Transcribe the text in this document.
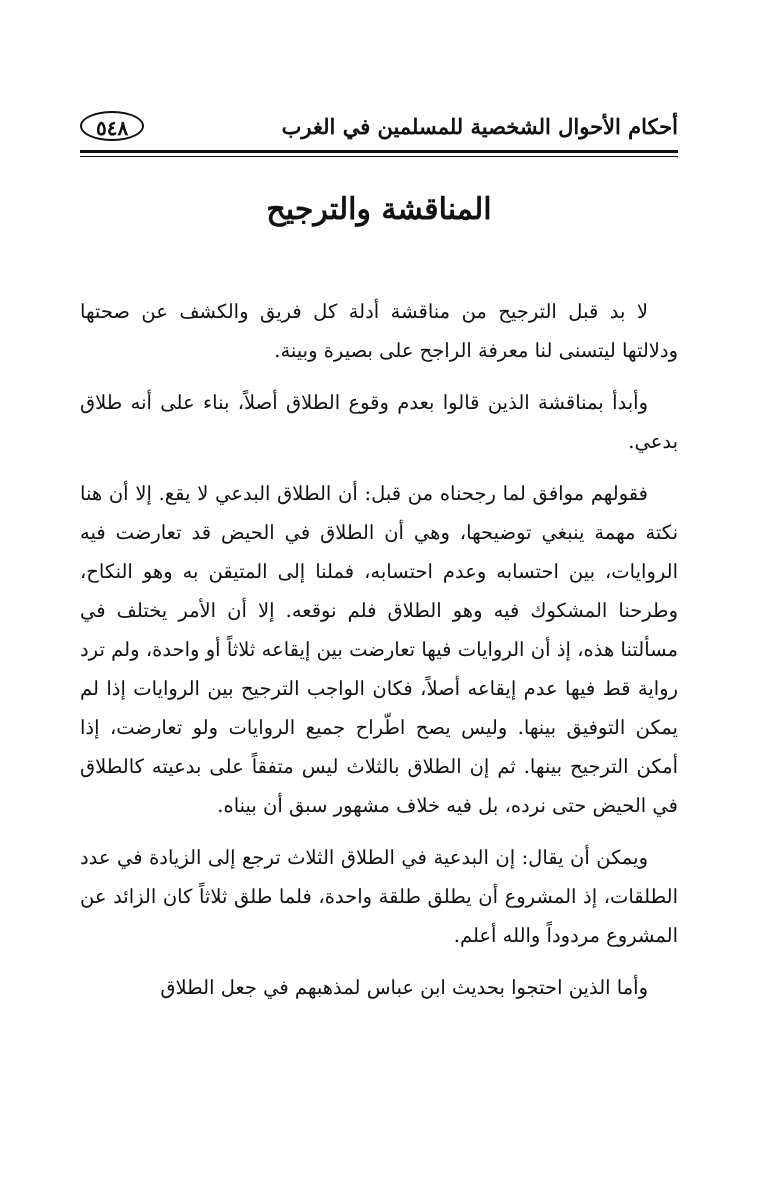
أحكام الأحوال الشخصية للمسلمين في الغرب
٥٤٨
المناقشة والترجيح

لا بد قبل الترجيح من مناقشة أدلة كل فريق والكشف عن صحتها ودلالتها ليتسنى لنا معرفة الراجح على بصيرة وبينة.

وأبدأ بمناقشة الذين قالوا بعدم وقوع الطلاق أصلاً، بناء على أنه طلاق بدعي.

فقولهم موافق لما رجحناه من قبل: أن الطلاق البدعي لا يقع. إلا أن هنا نكتة مهمة ينبغي توضيحها، وهي أن الطلاق في الحيض قد تعارضت فيه الروايات، بين احتسابه وعدم احتسابه، فملنا إلى المتيقن به وهو النكاح، وطرحنا المشكوك فيه وهو الطلاق فلم نوقعه. إلا أن الأمر يختلف في مسألتنا هذه، إذ أن الروايات فيها تعارضت بين إيقاعه ثلاثاً أو واحدة، ولم ترد رواية قط فيها عدم إيقاعه أصلاً، فكان الواجب الترجيح بين الروايات إذا لم يمكن التوفيق بينها. وليس يصح اطّراح جميع الروايات ولو تعارضت، إذا أمكن الترجيح بينها. ثم إن الطلاق بالثلاث ليس متفقاً على بدعيته كالطلاق في الحيض حتى نرده، بل فيه خلاف مشهور سبق أن بيناه.

ويمكن أن يقال: إن البدعية في الطلاق الثلاث ترجع إلى الزيادة في عدد الطلقات، إذ المشروع أن يطلق طلقة واحدة، فلما طلق ثلاثاً كان الزائد عن المشروع مردوداً والله أعلم.

وأما الذين احتجوا بحديث ابن عباس لمذهبهم في جعل الطلاق
